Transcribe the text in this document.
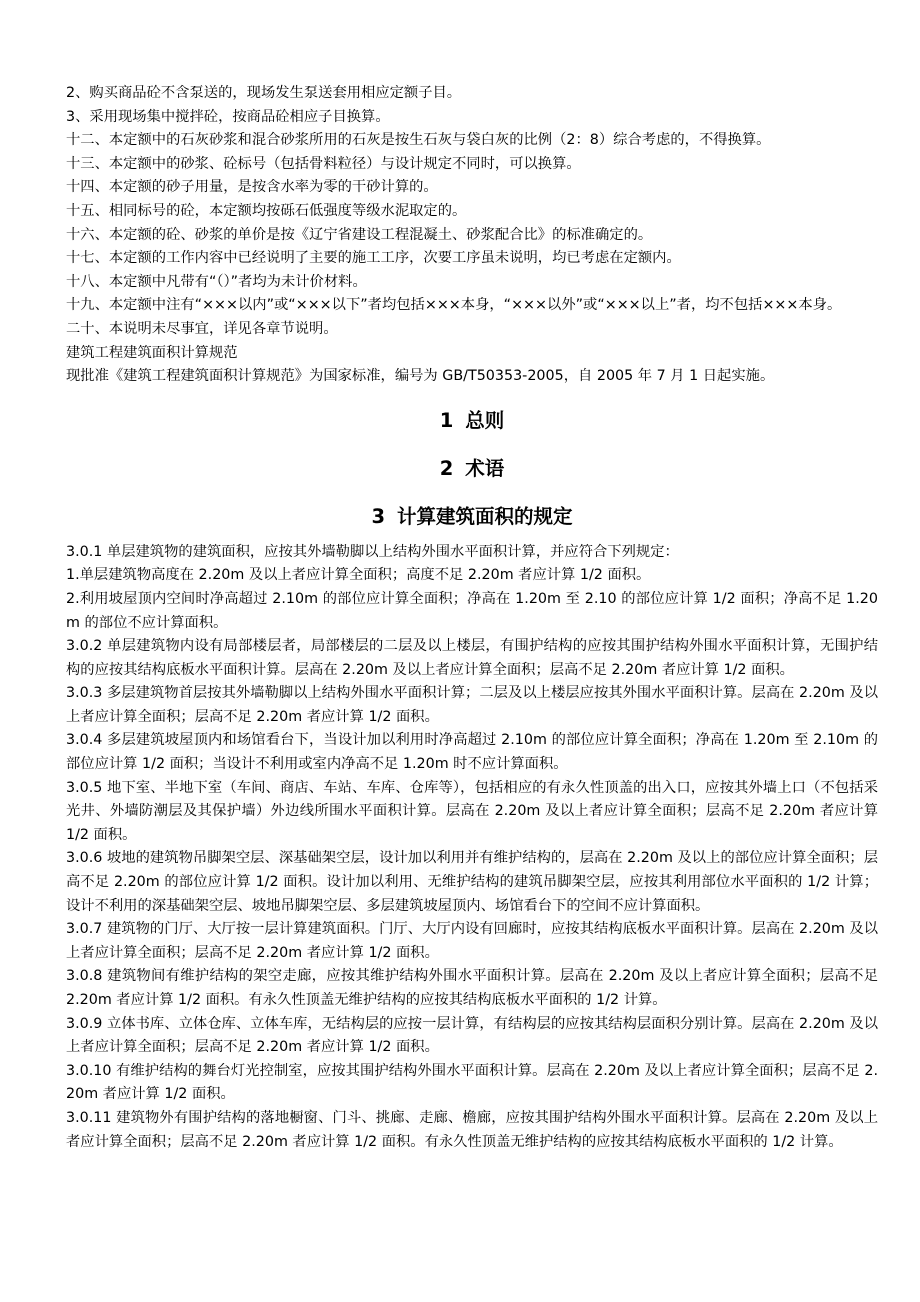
2、购买商品砼不含泵送的，现场发生泵送套用相应定额子目。

3、采用现场集中搅拌砼，按商品砼相应子目换算。

十二、本定额中的石灰砂浆和混合砂浆所用的石灰是按生石灰与袋白灰的比例（2：8）综合考虑的，不得换算。

十三、本定额中的砂浆、砼标号（包括骨料粒径）与设计规定不同时，可以换算。

十四、本定额的砂子用量，是按含水率为零的干砂计算的。

十五、相同标号的砼，本定额均按砾石低强度等级水泥取定的。

十六、本定额的砼、砂浆的单价是按《辽宁省建设工程混凝土、砂浆配合比》的标准确定的。

十七、本定额的工作内容中已经说明了主要的施工工序，次要工序虽未说明，均已考虑在定额内。

十八、本定额中凡带有“（）”者均为未计价材料。

十九、本定额中注有“×××以内”或“×××以下”者均包括×××本身，“×××以外”或“×××以上”者，均不包括×××本身。

二十、本说明未尽事宜，详见各章节说明。

建筑工程建筑面积计算规范

现批准《建筑工程建筑面积计算规范》为国家标准，编号为 GB/T50353-2005，自 2005 年 7 月 1 日起实施。

1 总则
2 术语
3 计算建筑面积的规定

3.0.1 单层建筑物的建筑面积，应按其外墙勒脚以上结构外围水平面积计算，并应符合下列规定：

1.单层建筑物高度在 2.20m 及以上者应计算全面积；高度不足 2.20m 者应计算 1/2 面积。

2.利用坡屋顶内空间时净高超过 2.10m 的部位应计算全面积；净高在 1.20m 至 2.10 的部位应计算 1/2 面积；净高不足 1.20m 的部位不应计算面积。

3.0.2 单层建筑物内设有局部楼层者，局部楼层的二层及以上楼层，有围护结构的应按其围护结构外围水平面积计算，无围护结构的应按其结构底板水平面积计算。层高在 2.20m 及以上者应计算全面积；层高不足 2.20m 者应计算 1/2 面积。

3.0.3 多层建筑物首层按其外墙勒脚以上结构外围水平面积计算；二层及以上楼层应按其外围水平面积计算。层高在 2.20m 及以上者应计算全面积；层高不足 2.20m 者应计算 1/2 面积。

3.0.4 多层建筑坡屋顶内和场馆看台下，当设计加以利用时净高超过 2.10m 的部位应计算全面积；净高在 1.20m 至 2.10m 的部位应计算 1/2 面积；当设计不利用或室内净高不足 1.20m 时不应计算面积。

3.0.5 地下室、半地下室（车间、商店、车站、车库、仓库等），包括相应的有永久性顶盖的出入口，应按其外墙上口（不包括采光井、外墙防潮层及其保护墙）外边线所围水平面积计算。层高在 2.20m 及以上者应计算全面积；层高不足 2.20m 者应计算 1/2 面积。

3.0.6 坡地的建筑物吊脚架空层、深基础架空层，设计加以利用并有维护结构的，层高在 2.20m 及以上的部位应计算全面积；层高不足 2.20m 的部位应计算 1/2 面积。设计加以利用、无维护结构的建筑吊脚架空层，应按其利用部位水平面积的 1/2 计算；设计不利用的深基础架空层、坡地吊脚架空层、多层建筑坡屋顶内、场馆看台下的空间不应计算面积。

3.0.7 建筑物的门厅、大厅按一层计算建筑面积。门厅、大厅内设有回廊时，应按其结构底板水平面积计算。层高在 2.20m 及以上者应计算全面积；层高不足 2.20m 者应计算 1/2 面积。

3.0.8 建筑物间有维护结构的架空走廊，应按其维护结构外围水平面积计算。层高在 2.20m 及以上者应计算全面积；层高不足 2.20m 者应计算 1/2 面积。有永久性顶盖无维护结构的应按其结构底板水平面积的 1/2 计算。

3.0.9 立体书库、立体仓库、立体车库，无结构层的应按一层计算，有结构层的应按其结构层面积分别计算。层高在 2.20m 及以上者应计算全面积；层高不足 2.20m 者应计算 1/2 面积。

3.0.10 有维护结构的舞台灯光控制室，应按其围护结构外围水平面积计算。层高在 2.20m 及以上者应计算全面积；层高不足 2.20m 者应计算 1/2 面积。

3.0.11 建筑物外有围护结构的落地橱窗、门斗、挑廊、走廊、檐廊，应按其围护结构外围水平面积计算。层高在 2.20m 及以上者应计算全面积；层高不足 2.20m 者应计算 1/2 面积。有永久性顶盖无维护结构的应按其结构底板水平面积的 1/2 计算。
